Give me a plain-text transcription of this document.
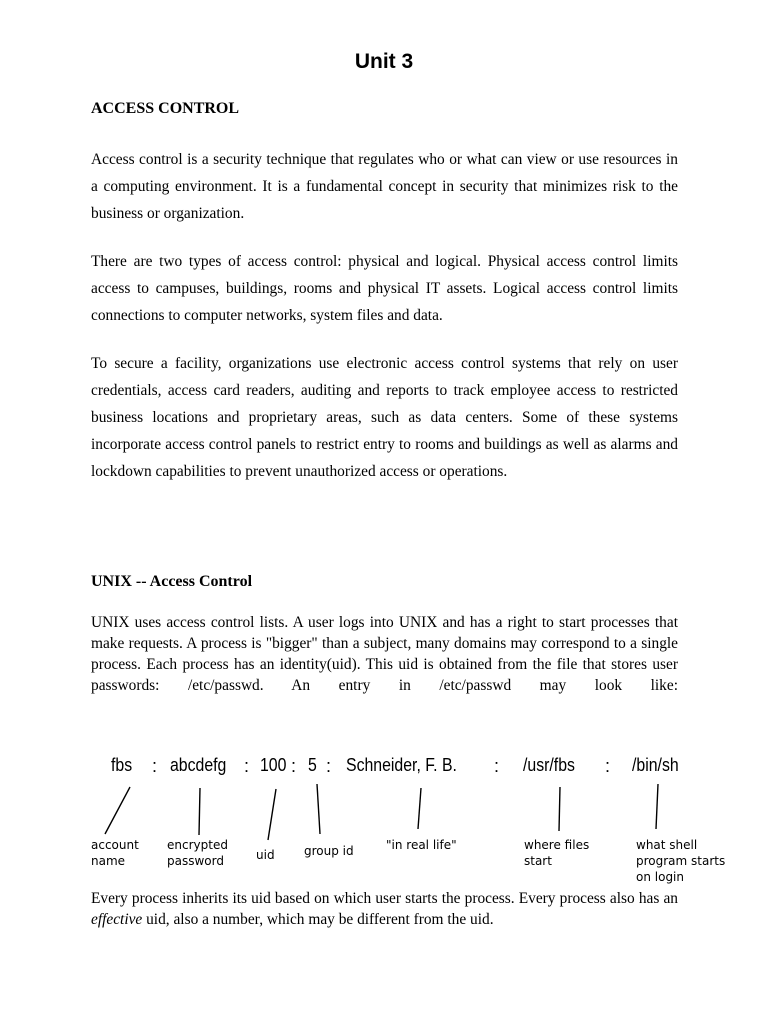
Unit 3
ACCESS CONTROL
Access control is a security technique that regulates who or what can view or use resources in a computing environment. It is a fundamental concept in security that minimizes risk to the business or organization.
There are two types of access control: physical and logical. Physical access control limits access to campuses, buildings, rooms and physical IT assets. Logical access control limits connections to computer networks, system files and data.
To secure a facility, organizations use electronic access control systems that rely on user credentials, access card readers, auditing and reports to track employee access to restricted business locations and proprietary areas, such as data centers. Some of these systems incorporate access control panels to restrict entry to rooms and buildings as well as alarms and lockdown capabilities to prevent unauthorized access or operations.
UNIX -- Access Control
UNIX uses access control lists. A user logs into UNIX and has a right to start processes that make requests. A process is "bigger" than a subject, many domains may correspond to a single process. Each process has an identity(uid). This uid is obtained from the file that stores user passwords: /etc/passwd. An entry in /etc/passwd may look like:
fbs : abcdefg : 100 : 5 : Schneider, F. B. : /usr/fbs : /bin/sh
account name
encrypted password	uid	group id	"in real life"	where files start
what shell program starts on login
Every process inherits its uid based on which user starts the process. Every process also has an effective uid, also a number, which may be different from the uid.
